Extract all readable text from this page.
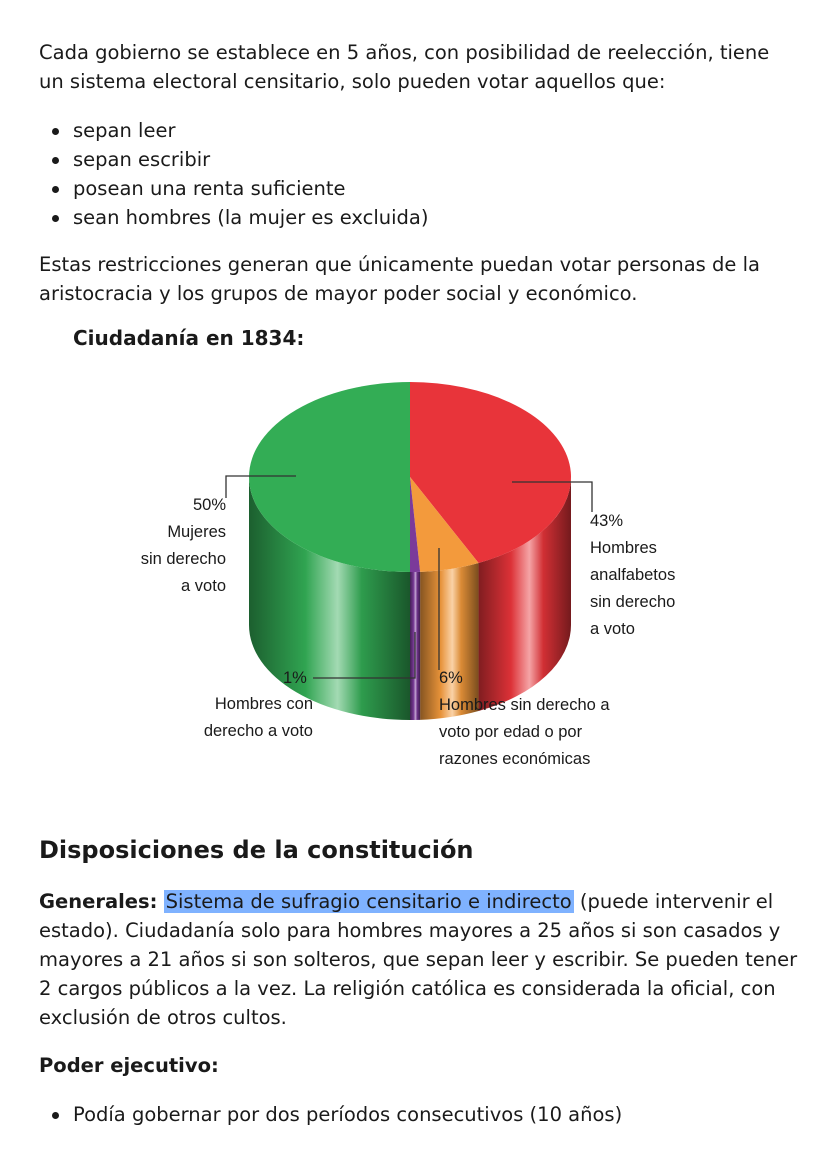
Cada gobierno se establece en 5 años, con posibilidad de reelección, tiene un sistema electoral censitario, solo pueden votar aquellos que:

sepan leer
sepan escribir
posean una renta suficiente
sean hombres (la mujer es excluida)

Estas restricciones generan que únicamente puedan votar personas de la aristocracia y los grupos de mayor poder social y económico.

Ciudadanía en 1834:
50%
Mujeres
sin derecho
a voto
43%
Hombres
analfabetos
sin derecho
a voto
1%
Hombres con
derecho a voto
6%
Hombres sin derecho a
voto por edad o por
razones económicas
Disposiciones de la constitución

Generales: Sistema de sufragio censitario e indirecto (puede intervenir el estado). Ciudadanía solo para hombres mayores a 25 años si son casados y mayores a 21 años si son solteros, que sepan leer y escribir. Se pueden tener 2 cargos públicos a la vez. La religión católica es considerada la oficial, con exclusión de otros cultos.

Poder ejecutivo:
Podía gobernar por dos períodos consecutivos (10 años)
